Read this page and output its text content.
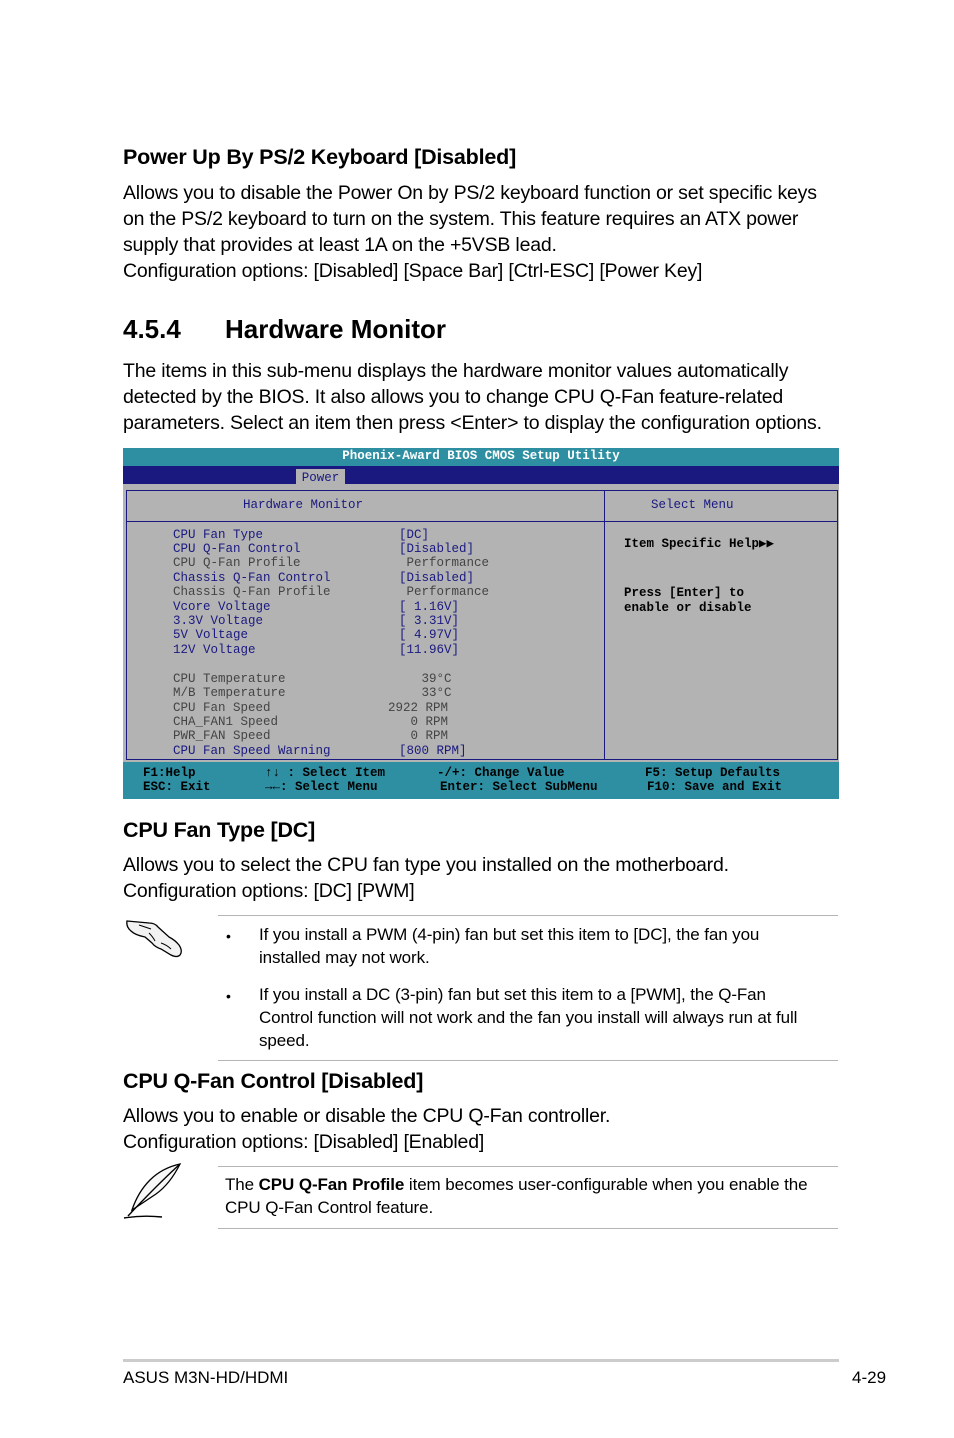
Power Up By PS/2 Keyboard [Disabled]
Allows you to disable the Power On by PS/2 keyboard function or set specific keys
on the PS/2 keyboard to turn on the system. This feature requires an ATX power
supply that provides at least 1A on the +5VSB lead.
Configuration options: [Disabled] [Space Bar] [Ctrl-ESC] [Power Key]
4.5.4 Hardware Monitor
The items in this sub-menu displays the hardware monitor values automatically
detected by the BIOS. It also allows you to change CPU Q-Fan feature-related
parameters. Select an item then press <Enter> to display the configuration options.
Phoenix-Award BIOS CMOS Setup Utility
Power
Hardware Monitor
CPU Fan Type	[DC]
CPU Q-Fan Control	[Disabled]
CPU Q-Fan Profile	Performance
Chassis Q-Fan Control	[Disabled]
Chassis Q-Fan Profile	Performance
Vcore Voltage	[ 1.16V]
3.3V Voltage	[ 3.31V]
5V Voltage	[ 4.97V]
12V Voltage	[11.96V]
CPU Temperature	39°C
M/B Temperature	33°C
CPU Fan Speed	2922 RPM
CHA_FAN1 Speed	0 RPM
PWR_FAN Speed	0 RPM
CPU Fan Speed Warning	[800 RPM]
Select Menu
Item Specific Help▶▶
Press [Enter] to
enable or disable
F1:Help
ESC: Exit
↑↓ : Select Item
→←: Select Menu
-/+: Change Value
Enter: Select SubMenu
F5: Setup Defaults
F10: Save and Exit
CPU Fan Type [DC]
Allows you to select the CPU fan type you installed on the motherboard.
Configuration options: [DC] [PWM]
• If you install a PWM (4-pin) fan but set this item to [DC], the fan you
installed may not work.
• If you install a DC (3-pin) fan but set this item to a [PWM], the Q-Fan
Control function will not work and the fan you install will always run at full
speed.
CPU Q-Fan Control [Disabled]
Allows you to enable or disable the CPU Q-Fan controller.
Configuration options: [Disabled] [Enabled]
The CPU Q-Fan Profile item becomes user-configurable when you enable the
CPU Q-Fan Control feature.
ASUS M3N-HD/HDMI	4-29
